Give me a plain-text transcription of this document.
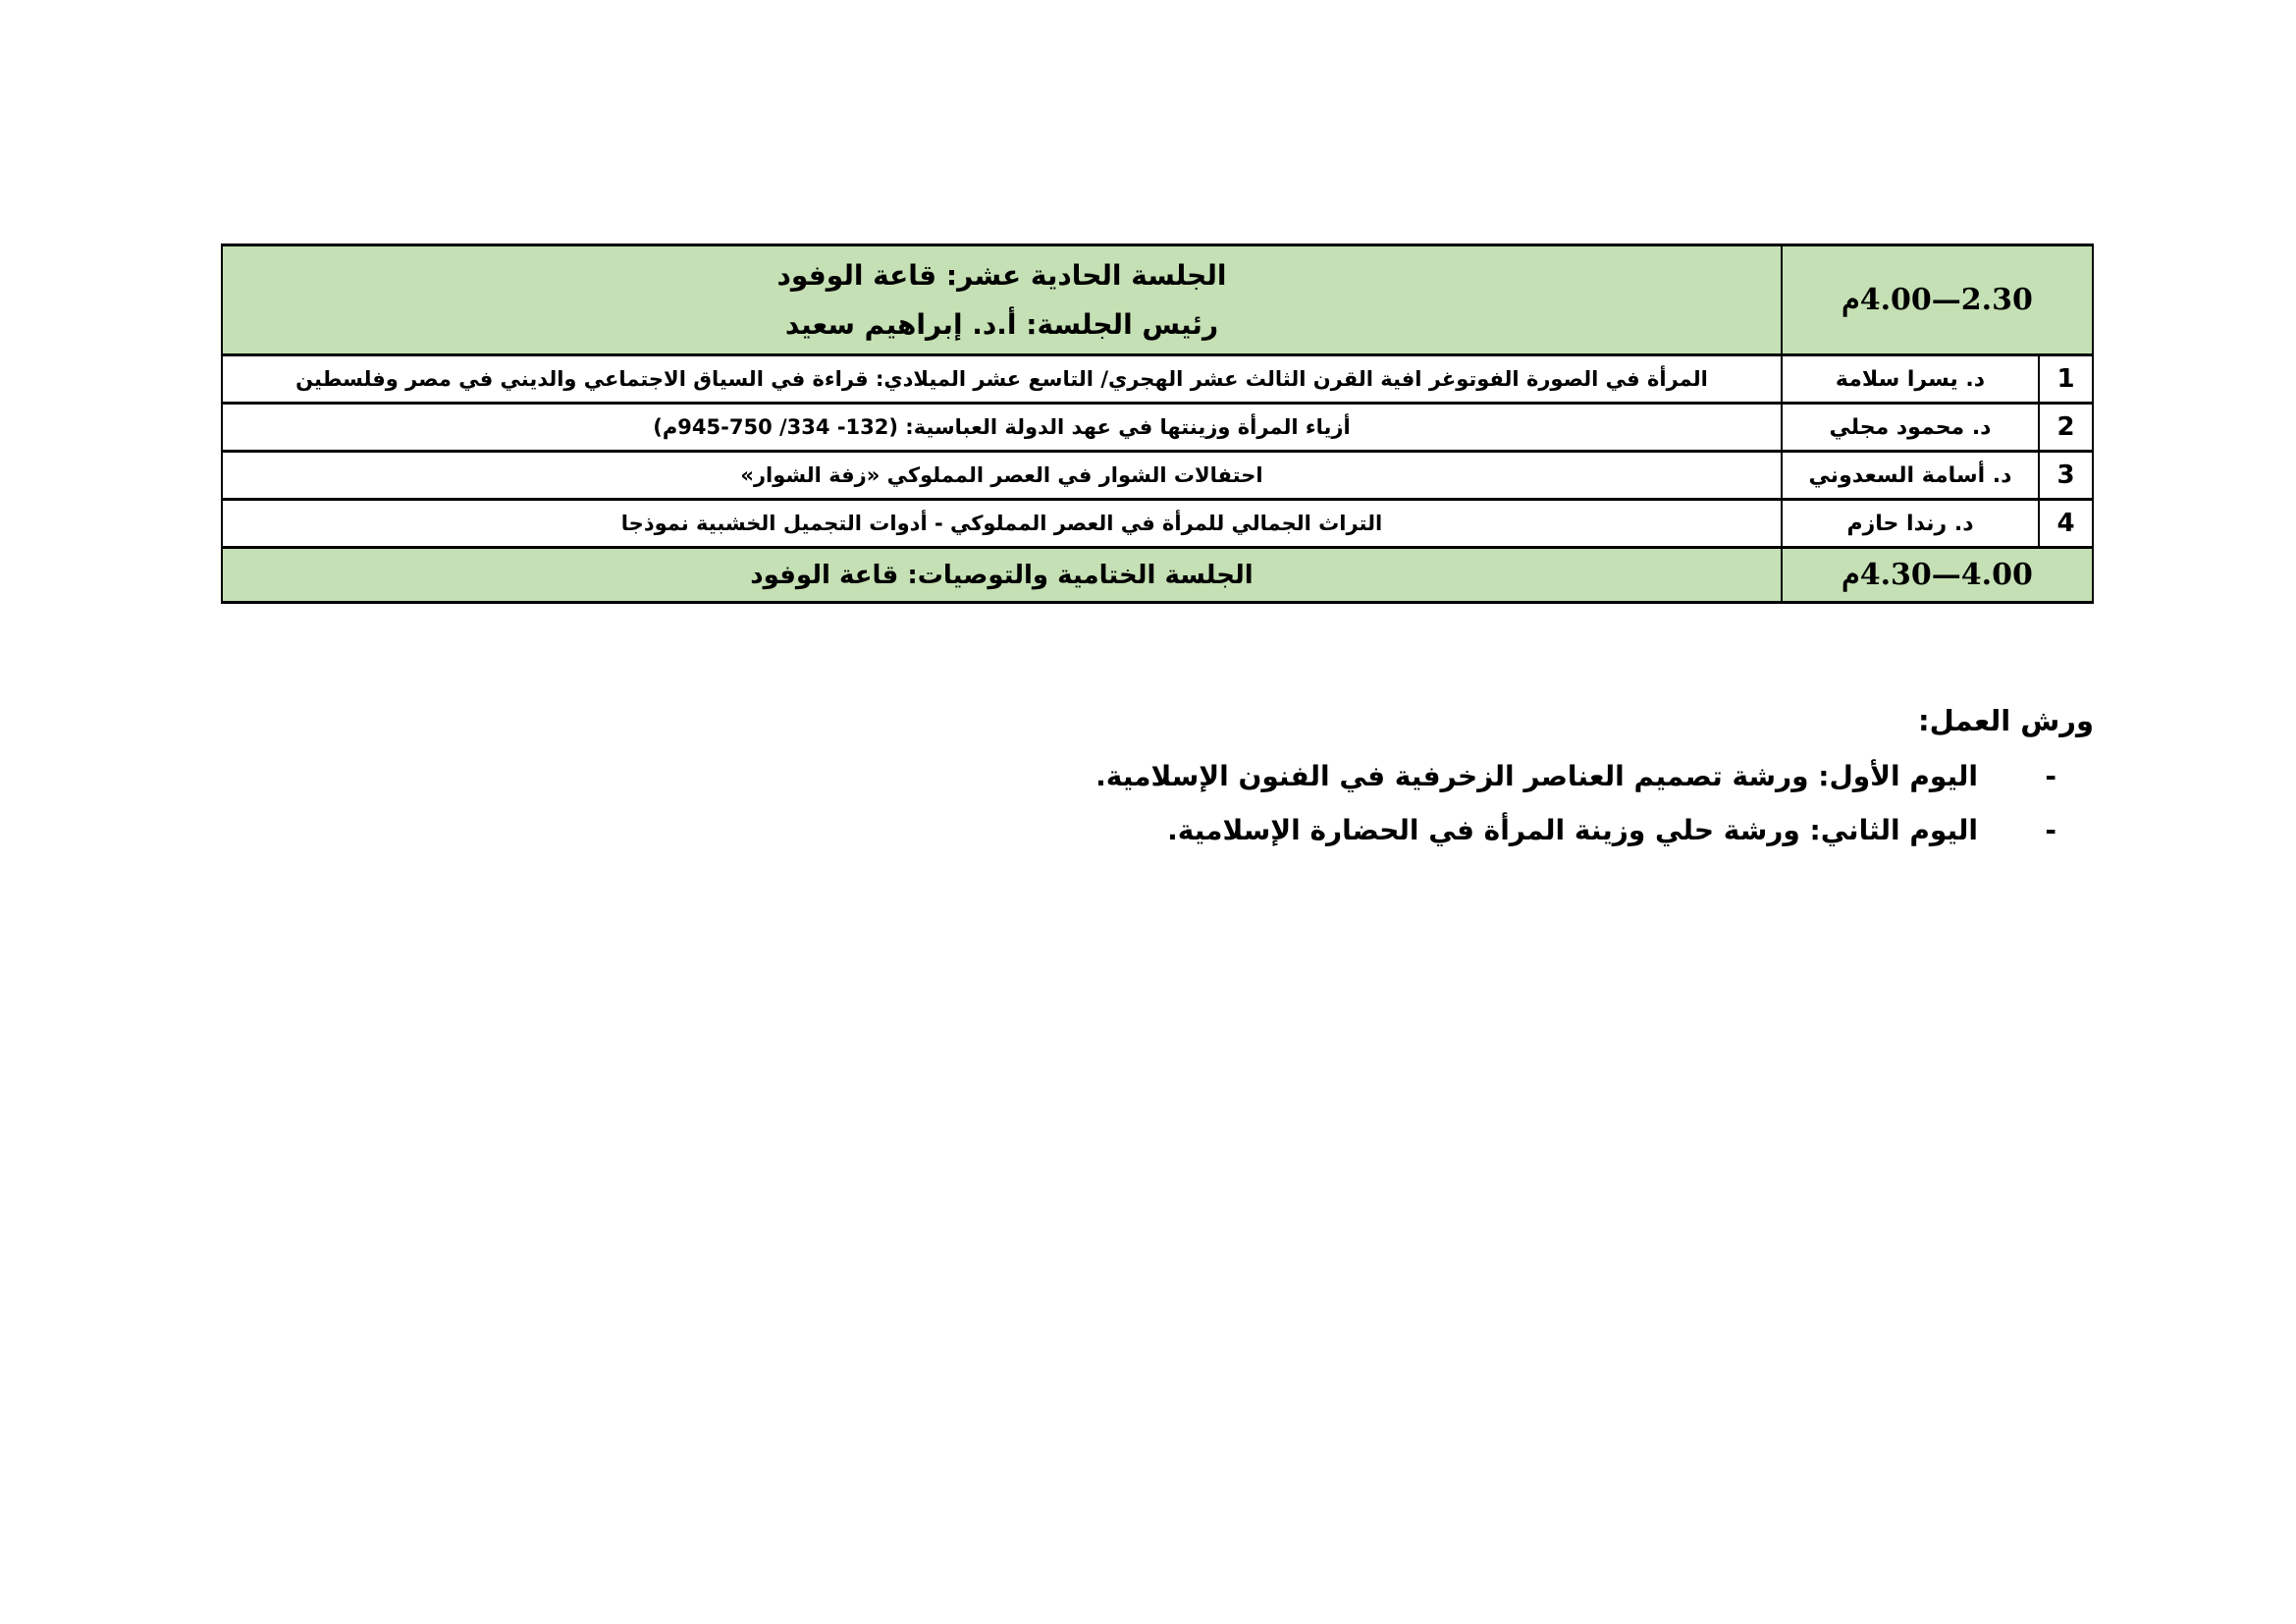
2.30—4.00م		الجلسة الحادية عشر: قاعة الوفود
رئيس الجلسة: أ.د. إبراهيم سعيد

1	د. يسرا سلامة	المرأة في الصورة الفوتوغر افية القرن الثالث عشر الهجري/ التاسع عشر الميلادي: قراءة في السياق الاجتماعي والديني في مصر وفلسطين
2	د. محمود مجلي	أزياء المرأة وزينتها في عهد الدولة العباسية: (132- 334/ 750-945م)
3	د. أسامة السعدوني	احتفالات الشوار في العصر المملوكي «زفة الشوار»
4	د. رندا حازم	التراث الجمالي للمرأة في العصر المملوكي - أدوات التجميل الخشبية نموذجا
4.00—4.30م		الجلسة الختامية والتوصيات: قاعة الوفود
ورش العمل:
-
اليوم الأول: ورشة تصميم العناصر الزخرفية في الفنون الإسلامية.
-
اليوم الثاني: ورشة حلي وزينة المرأة في الحضارة الإسلامية.
